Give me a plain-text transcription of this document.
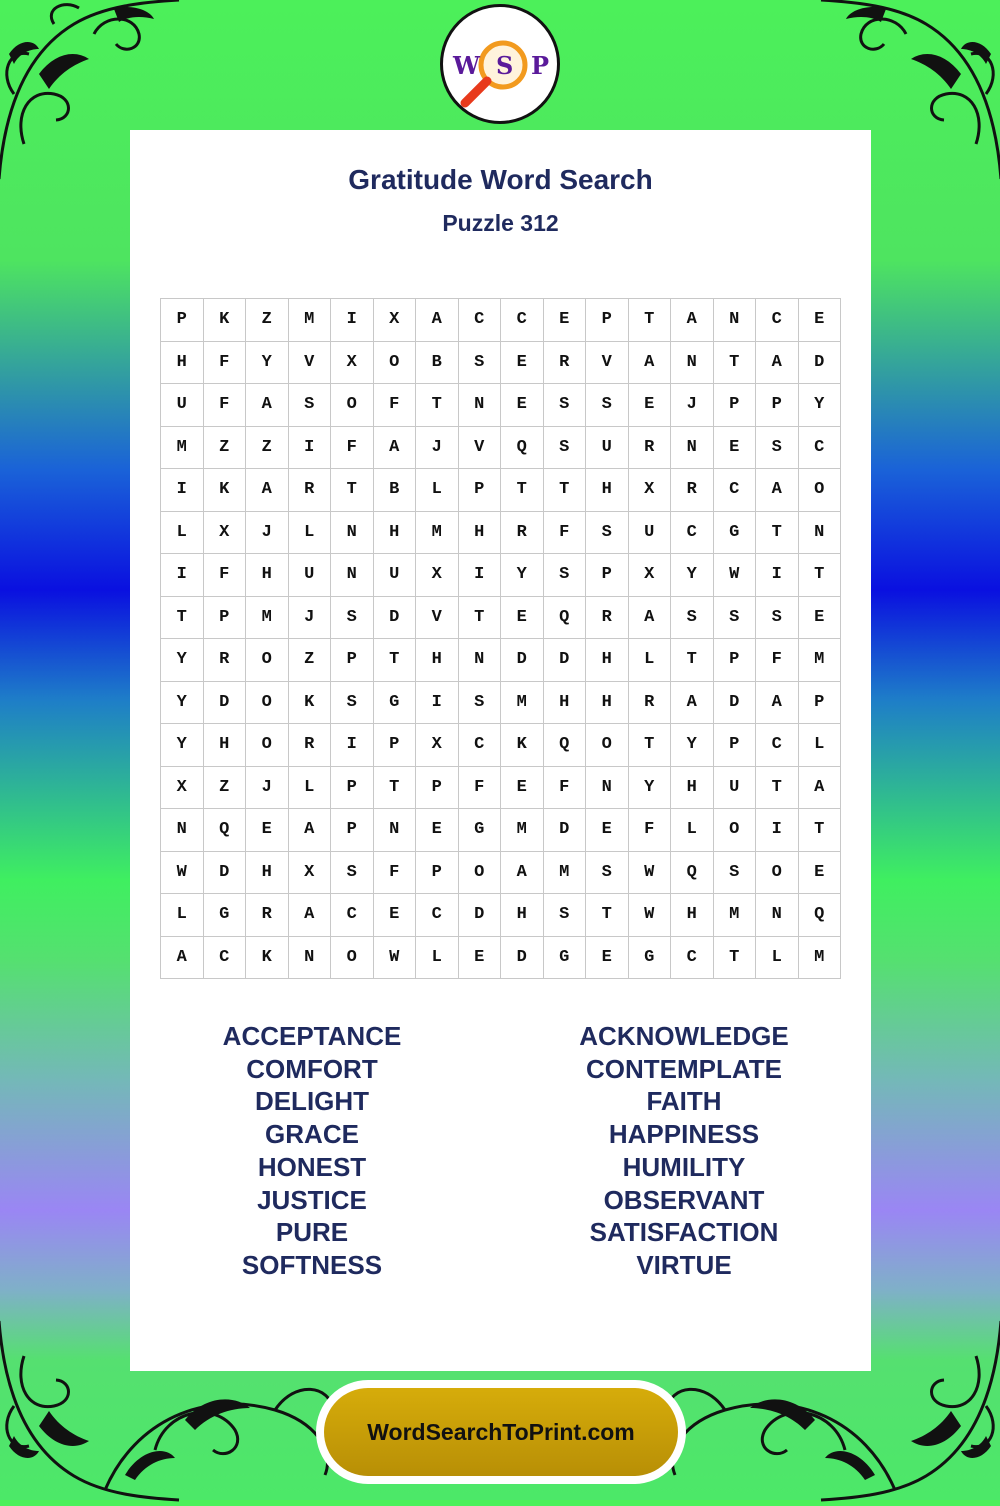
W S P
Gratitude Word Search
Puzzle 312
P	K	Z	M	I	X	A	C	C	E	P	T	A	N	C	E
H	F	Y	V	X	O	B	S	E	R	V	A	N	T	A	D
U	F	A	S	O	F	T	N	E	S	S	E	J	P	P	Y
M	Z	Z	I	F	A	J	V	Q	S	U	R	N	E	S	C
I	K	A	R	T	B	L	P	T	T	H	X	R	C	A	O
L	X	J	L	N	H	M	H	R	F	S	U	C	G	T	N
I	F	H	U	N	U	X	I	Y	S	P	X	Y	W	I	T
T	P	M	J	S	D	V	T	E	Q	R	A	S	S	S	E
Y	R	O	Z	P	T	H	N	D	D	H	L	T	P	F	M
Y	D	O	K	S	G	I	S	M	H	H	R	A	D	A	P
Y	H	O	R	I	P	X	C	K	Q	O	T	Y	P	C	L
X	Z	J	L	P	T	P	F	E	F	N	Y	H	U	T	A
N	Q	E	A	P	N	E	G	M	D	E	F	L	O	I	T
W	D	H	X	S	F	P	O	A	M	S	W	Q	S	O	E
L	G	R	A	C	E	C	D	H	S	T	W	H	M	N	Q
A	C	K	N	O	W	L	E	D	G	E	G	C	T	L	M
ACCEPTANCE
COMFORT
DELIGHT
GRACE
HONEST
JUSTICE
PURE
SOFTNESS
ACKNOWLEDGE
CONTEMPLATE
FAITH
HAPPINESS
HUMILITY
OBSERVANT
SATISFACTION
VIRTUE
WordSearchToPrint.com
